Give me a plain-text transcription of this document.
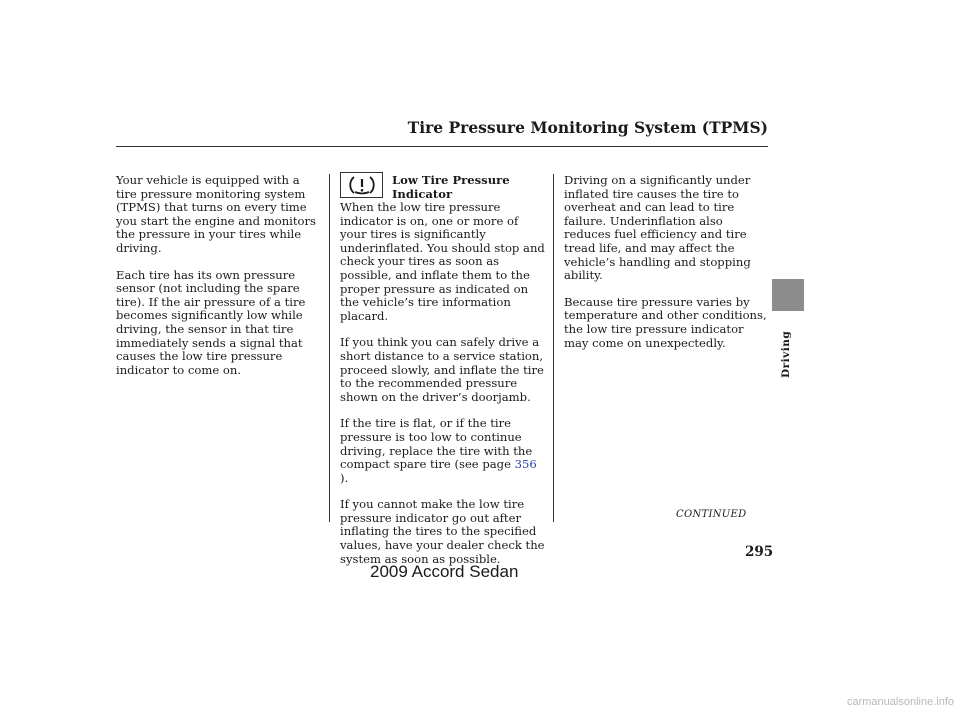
Tire Pressure Monitoring System (TPMS)

Your vehicle is equipped with a tire pressure monitoring system (TPMS) that turns on every time you start the engine and monitors the pressure in your tires while driving.

Each tire has its own pressure sensor (not including the spare tire). If the air pressure of a tire becomes significantly low while driving, the sensor in that tire immediately sends a signal that causes the low tire pressure indicator to come on.

Low Tire Pressure Indicator

When the low tire pressure indicator is on, one or more of your tires is significantly underinflated. You should stop and check your tires as soon as possible, and inflate them to the proper pressure as indicated on the vehicle’s tire information placard.

If you think you can safely drive a short distance to a service station, proceed slowly, and inflate the tire to the recommended pressure shown on the driver’s doorjamb.

If the tire is flat, or if the tire pressure is too low to continue driving, replace the tire with the compact spare tire (see page 356 ).

If you cannot make the low tire pressure indicator go out after inflating the tires to the specified values, have your dealer check the system as soon as possible.

Driving on a significantly under inflated tire causes the tire to overheat and can lead to tire failure. Underinflation also reduces fuel efficiency and tire tread life, and may affect the vehicle’s handling and stopping ability.

Because tire pressure varies by temperature and other conditions, the low tire pressure indicator may come on unexpectedly.

CONTINUED
Driving
295
2009 Accord Sedan
carmanualsonline.info
